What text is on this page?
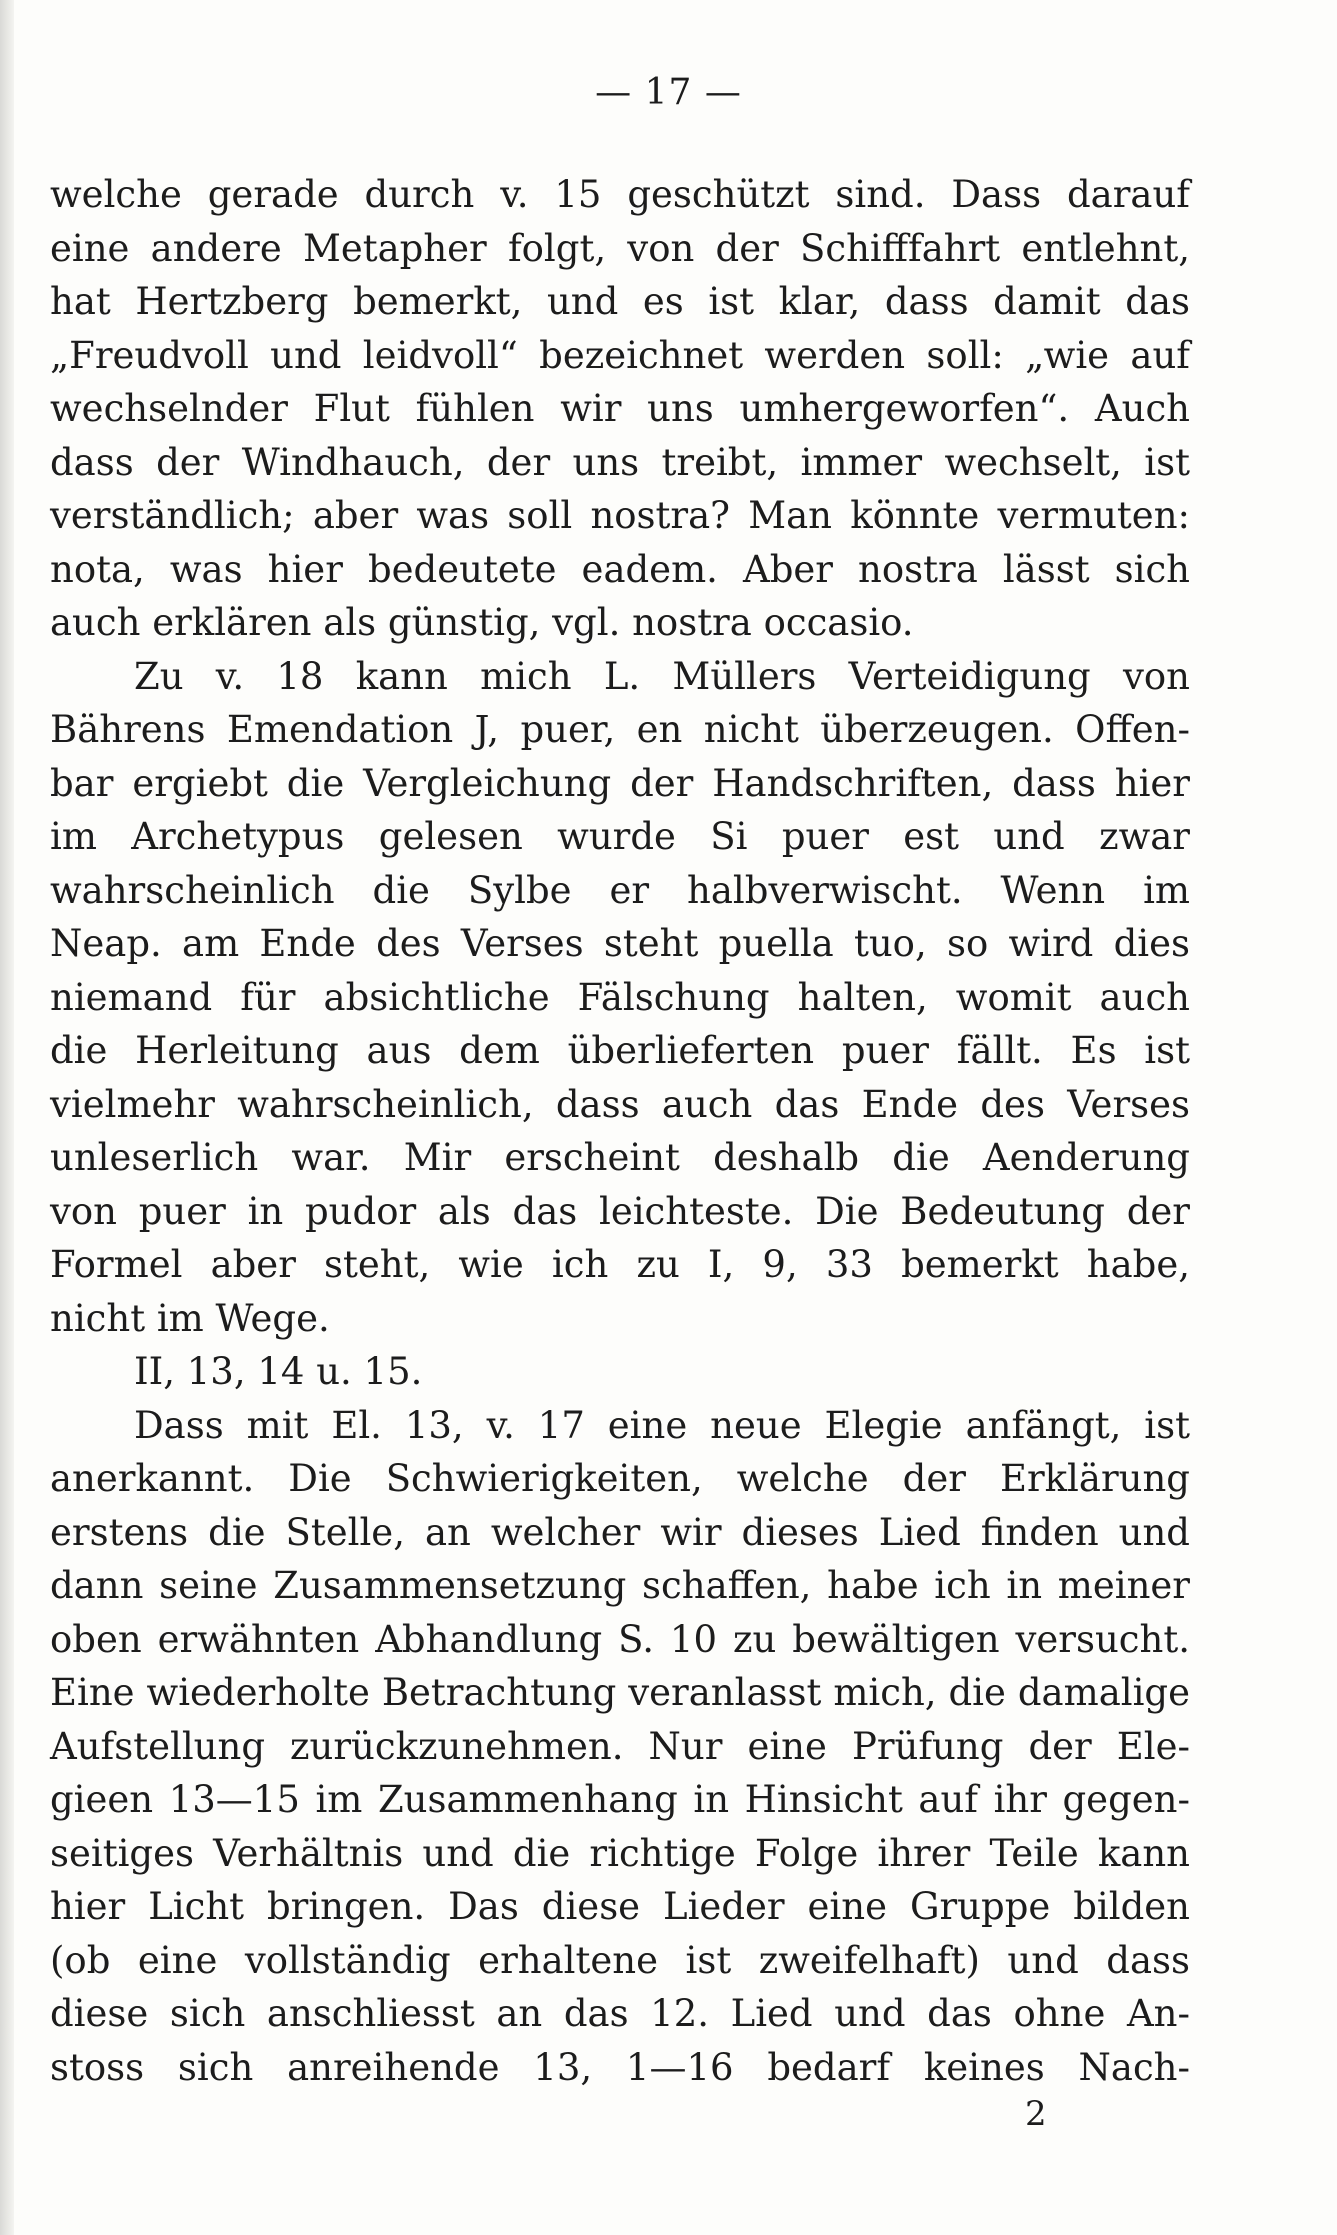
— 17 —
welche gerade durch v. 15 geschützt sind. Dass darauf
eine andere Metapher folgt, von der Schifffahrt entlehnt,
hat Hertzberg bemerkt, und es ist klar, dass damit das
„Freudvoll und leidvoll“ bezeichnet werden soll: „wie auf
wechselnder Flut fühlen wir uns umhergeworfen“. Auch
dass der Windhauch, der uns treibt, immer wechselt, ist
verständlich; aber was soll nostra? Man könnte vermuten:
nota, was hier bedeutete eadem. Aber nostra lässt sich
auch erklären als günstig, vgl. nostra occasio.
Zu v. 18 kann mich L. Müllers Verteidigung von
Bährens Emendation J, puer, en nicht überzeugen. Offen-
bar ergiebt die Vergleichung der Handschriften, dass hier
im Archetypus gelesen wurde Si puer est und zwar
wahrscheinlich die Sylbe er halbverwischt. Wenn im
Neap. am Ende des Verses steht puella tuo, so wird dies
niemand für absichtliche Fälschung halten, womit auch
die Herleitung aus dem überlieferten puer fällt. Es ist
vielmehr wahrscheinlich, dass auch das Ende des Verses
unleserlich war. Mir erscheint deshalb die Aenderung
von puer in pudor als das leichteste. Die Bedeutung der
Formel aber steht, wie ich zu I, 9, 33 bemerkt habe,
nicht im Wege.
II, 13, 14 u. 15.
Dass mit El. 13, v. 17 eine neue Elegie anfängt, ist
anerkannt. Die Schwierigkeiten, welche der Erklärung
erstens die Stelle, an welcher wir dieses Lied finden und
dann seine Zusammensetzung schaffen, habe ich in meiner
oben erwähnten Abhandlung S. 10 zu bewältigen versucht.
Eine wiederholte Betrachtung veranlasst mich, die damalige
Aufstellung zurückzunehmen. Nur eine Prüfung der Ele-
gieen 13—15 im Zusammenhang in Hinsicht auf ihr gegen-
seitiges Verhältnis und die richtige Folge ihrer Teile kann
hier Licht bringen. Das diese Lieder eine Gruppe bilden
(ob eine vollständig erhaltene ist zweifelhaft) und dass
diese sich anschliesst an das 12. Lied und das ohne An-
stoss sich anreihende 13, 1—16 bedarf keines Nach-
2
